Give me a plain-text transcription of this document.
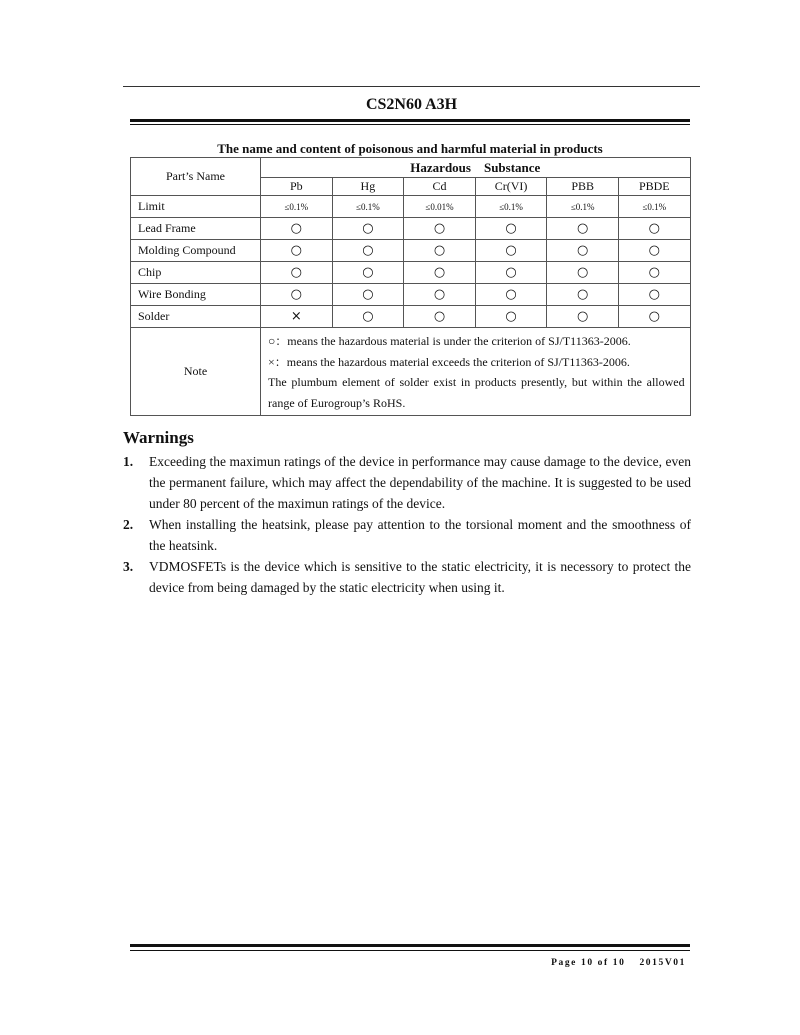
CS2N60 A3H
The name and content of poisonous and harmful material in products
Part’s Name	Hazardous    Substance					
	Pb	Hg	Cd	Cr(VI)	PBB	PBDE
Limit	≤0.1%	≤0.1%	≤0.01%	≤0.1%	≤0.1%	≤0.1%
Lead Frame	○	○	○	○	○	○
Molding Compound	○	○	○	○	○	○
Chip	○	○	○	○	○	○
Wire Bonding	○	○	○	○	○	○
Solder	×	○	○	○	○	○
Note	○：means the hazardous material is under the criterion of SJ/T11363-2006.
×：means the hazardous material exceeds the criterion of SJ/T11363-2006.
The plumbum element of solder exist in products presently, but within the allowed range of Eurogroup’s RoHS.					
Warnings
1. Exceeding the maximun ratings of the device in performance may cause damage to the device, even the permanent failure, which may affect the dependability of the machine. It is suggested to be used under 80 percent of the maximun ratings of the device.
2. When installing the heatsink, please pay attention to the torsional moment and the smoothness of the heatsink.
3. VDMOSFETs is the device which is sensitive to the static electricity, it is necessory to protect the device from being damaged by the static electricity when using it.
Page 10 of 10 2015V01
